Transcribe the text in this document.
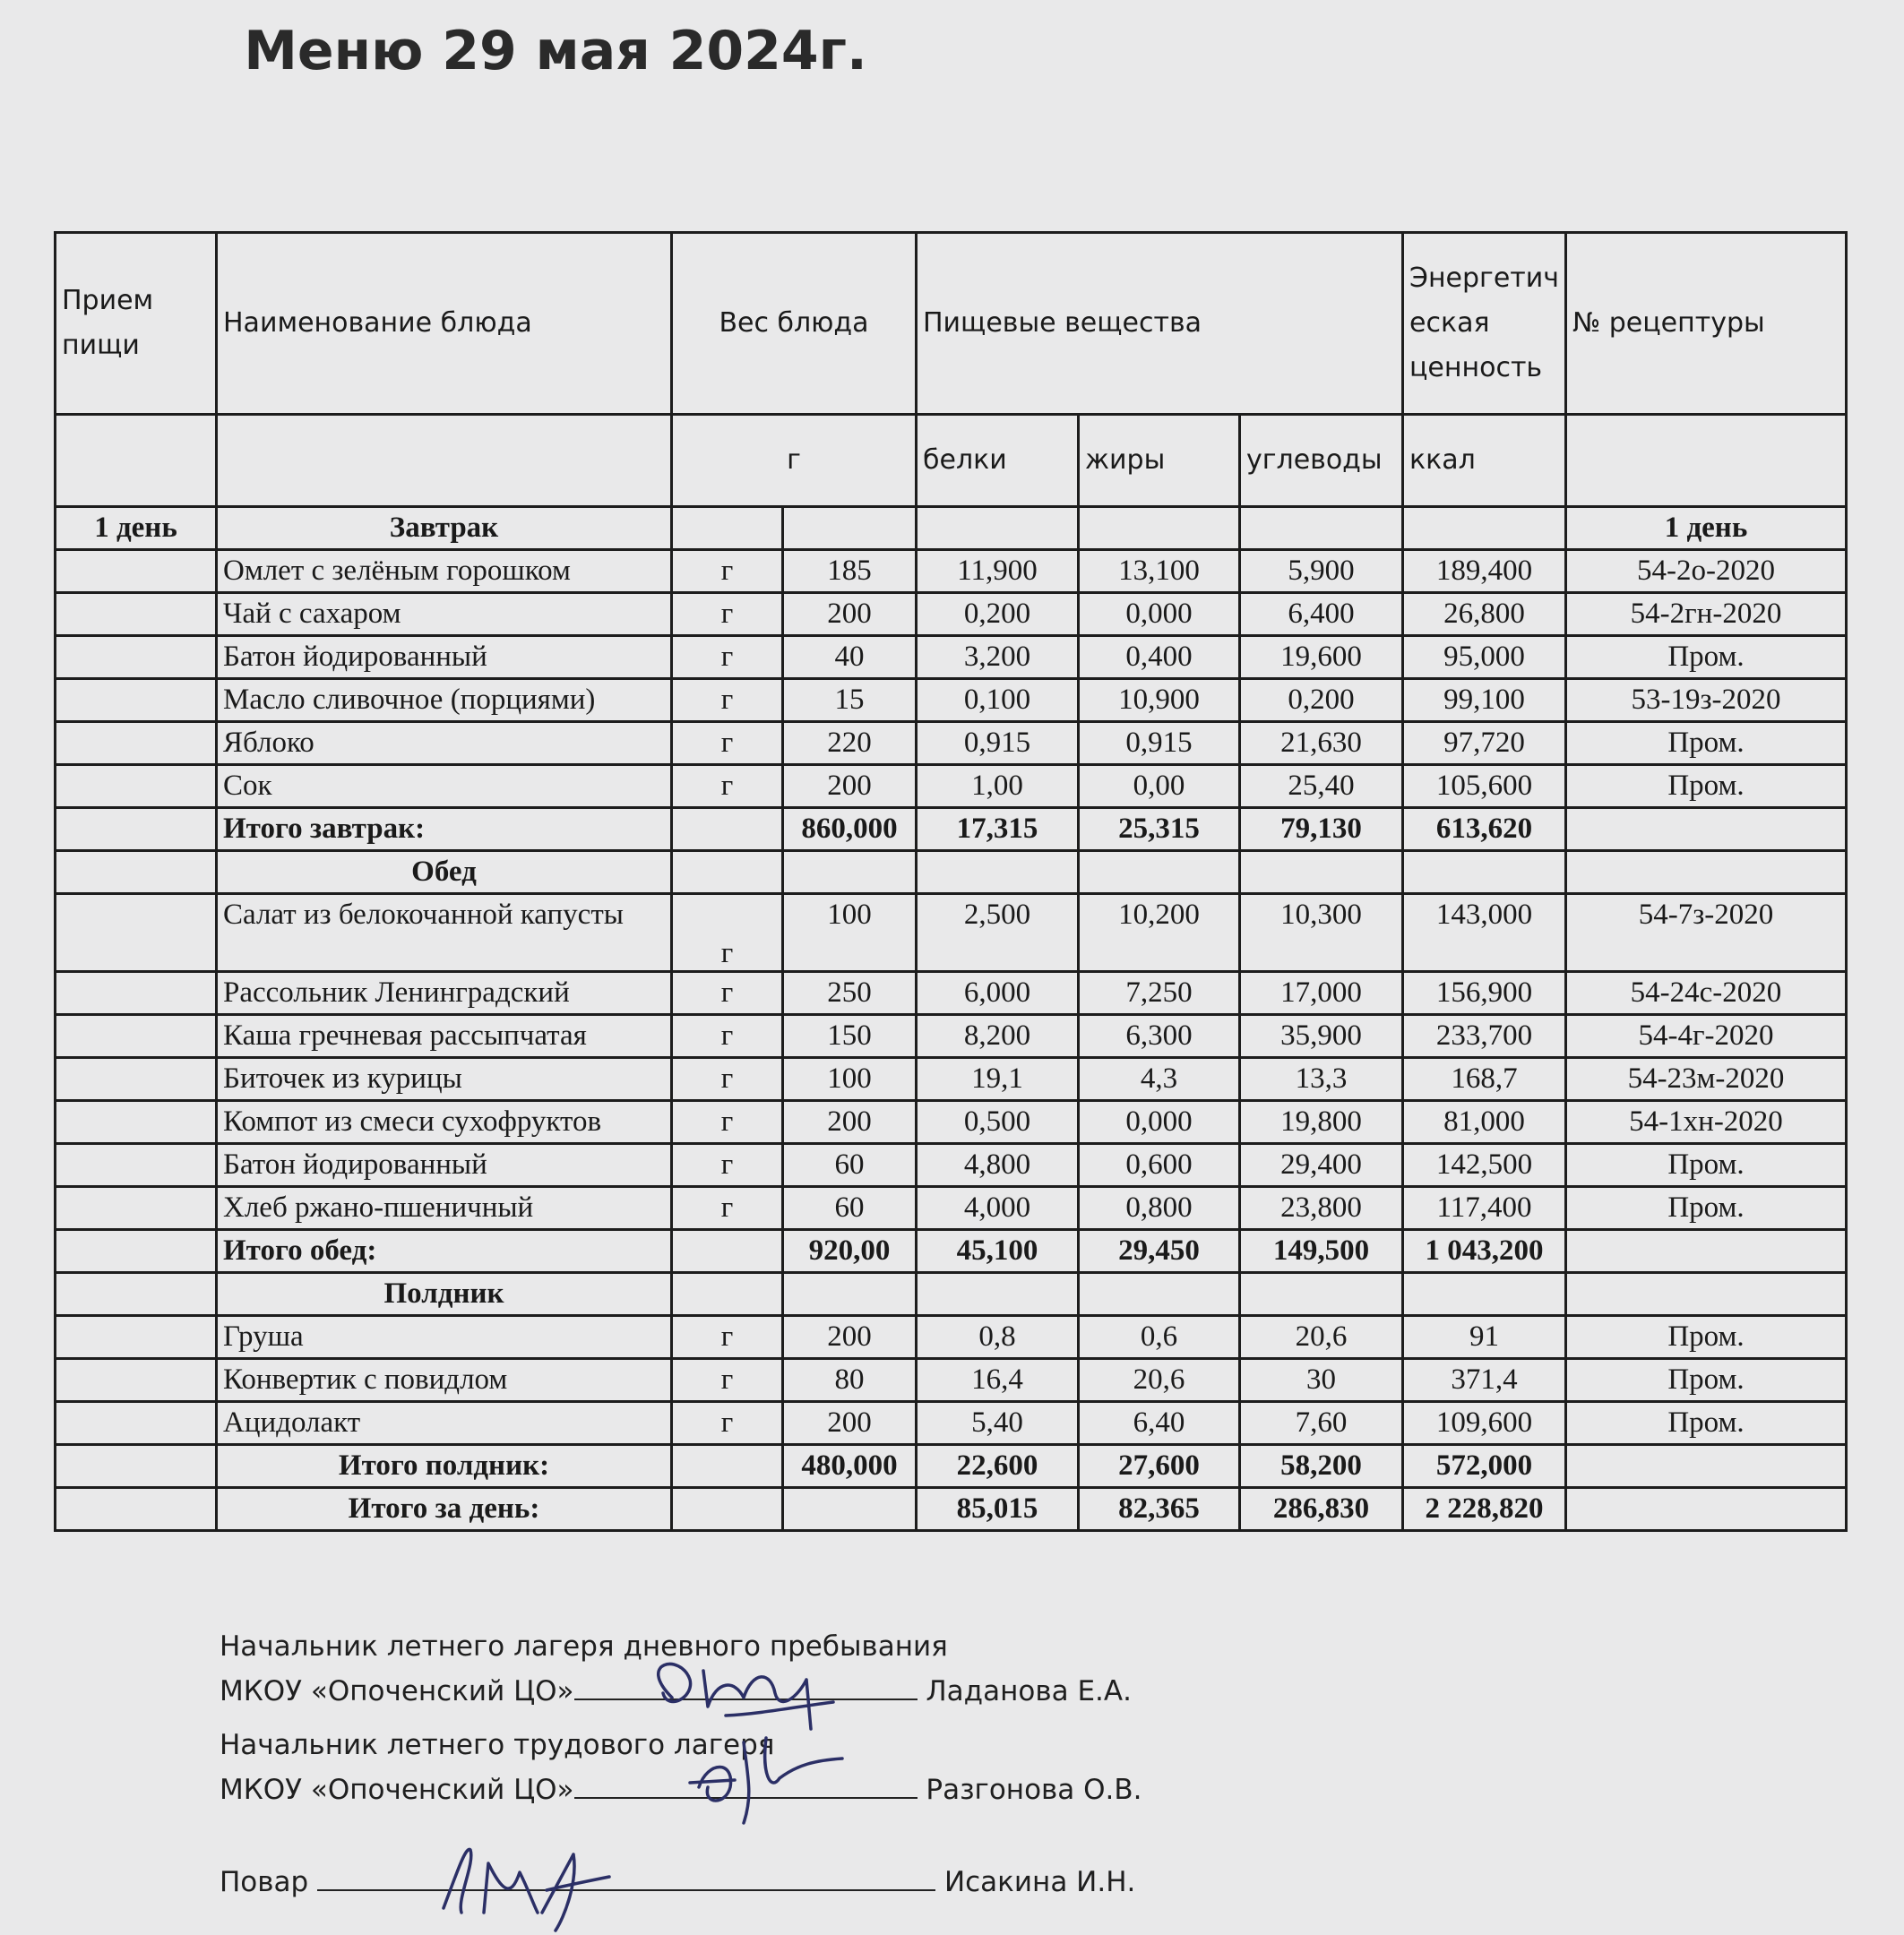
Меню 29 мая 2024г.
Прием пищи	Наименование блюда	Вес блюда		Пищевые вещества			Энергетич еская ценность	№ рецептуры
		г		белки	жиры	углеводы	ккал	
1 день	Завтрак							1 день
	Омлет с зелёным горошком	г	185	11,900	13,100	5,900	189,400	54-2о-2020
	Чай с сахаром	г	200	0,200	0,000	6,400	26,800	54-2гн-2020
	Батон йодированный	г	40	3,200	0,400	19,600	95,000	Пром.
	Масло сливочное (порциями)	г	15	0,100	10,900	0,200	99,100	53-19з-2020
	Яблоко	г	220	0,915	0,915	21,630	97,720	Пром.
	Сок	г	200	1,00	0,00	25,40	105,600	Пром.
	Итого завтрак:		860,000	17,315	25,315	79,130	613,620	
	Обед							
	Салат из белокочанной капусты	г	100	2,500	10,200	10,300	143,000	54-7з-2020
	Рассольник Ленинградский	г	250	6,000	7,250	17,000	156,900	54-24с-2020
	Каша гречневая рассыпчатая	г	150	8,200	6,300	35,900	233,700	54-4г-2020
	Биточек из курицы	г	100	19,1	4,3	13,3	168,7	54-23м-2020
	Компот из смеси сухофруктов	г	200	0,500	0,000	19,800	81,000	54-1хн-2020
	Батон йодированный	г	60	4,800	0,600	29,400	142,500	Пром.
	Хлеб ржано-пшеничный	г	60	4,000	0,800	23,800	117,400	Пром.
	Итого обед:		920,00	45,100	29,450	149,500	1 043,200	
	Полдник							
	Груша	г	200	0,8	0,6	20,6	91	Пром.
	Конвертик с повидлом	г	80	16,4	20,6	30	371,4	Пром.
	Ацидолакт	г	200	5,40	6,40	7,60	109,600	Пром.
	Итого полдник:		480,000	22,600	27,600	58,200	572,000	
	Итого за день:			85,015	82,365	286,830	2 228,820	
Начальник летнего лагеря дневного пребывания
МКОУ «Опоченский ЦО»	Ладанова Е.А.
Начальник летнего трудового лагеря
МКОУ «Опоченский ЦО»	Разгонова О.В.
Повар	Исакина И.Н.
